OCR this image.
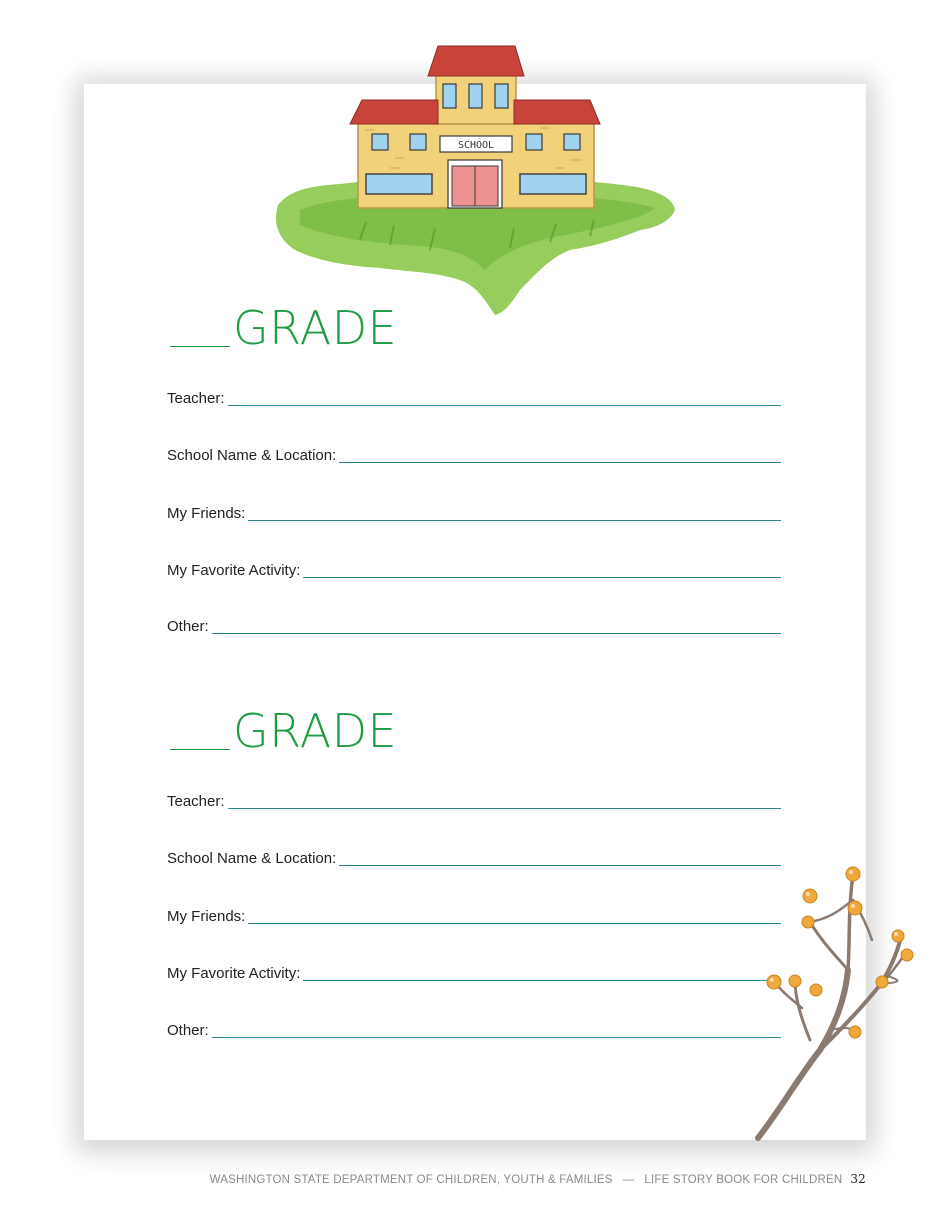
SCHOOL
GRADE
Teacher:
School Name & Location:
My Friends:
My Favorite Activity:
Other:
GRADE
Teacher:
School Name & Location:
My Friends:
My Favorite Activity:
Other:
WASHINGTON STATE DEPARTMENT OF CHILDREN, YOUTH & FAMILIES — LIFE STORY BOOK FOR CHILDREN 32
